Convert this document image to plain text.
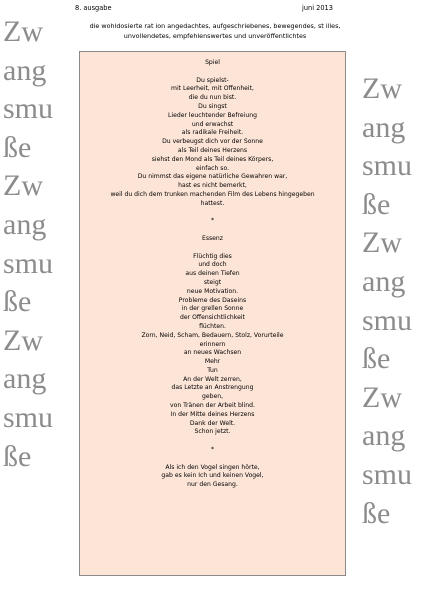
Zw
ang
smu
ße
Zw
ang
smu
ße
Zw
ang
smu
ße
Zw
ang
smu
ße
Zw
ang
smu
ße
Zw
ang
smu
ße
8. ausgabe	juni 2013
die wohldosierte rat ion angedachtes, aufgeschriebenes, bewegendes, st illes,
unvollendetes, empfehlenswertes und unveröffentlichtes
Spiel
Du spielst-
mit Leerheit, mit Offenheit,
die du nun bist.
Du singst
Lieder leuchtender Befreiung
und erwachst
als radikale Freiheit.
Du verbeugst dich vor der Sonne
als Teil deines Herzens
siehst den Mond als Teil deines Körpers,
einfach so.
Du nimmst das eigene natürliche Gewahren war,
hast es nicht bemerkt,
weil du dich dem trunken machenden Film des Lebens hingegeben
hattest.
*
Essenz
Flüchtig dies
und doch
aus deinen Tiefen
steigt
neue Motivation.
Probleme des Daseins
in der grellen Sonne
der Offensichtlichkeit
flüchten.
Zorn, Neid, Scham, Bedauern, Stolz, Vorurteile
erinnern
an neues Wachsen
Mehr
Tun
An der Welt zerren,
das Letzte an Anstrengung
geben,
von Tränen der Arbeit blind.
In der Mitte deines Herzens
Dank der Welt.
Schon jetzt.
*
Als ich den Vogel singen hörte,
gab es kein Ich und keinen Vogel,
nur den Gesang.
